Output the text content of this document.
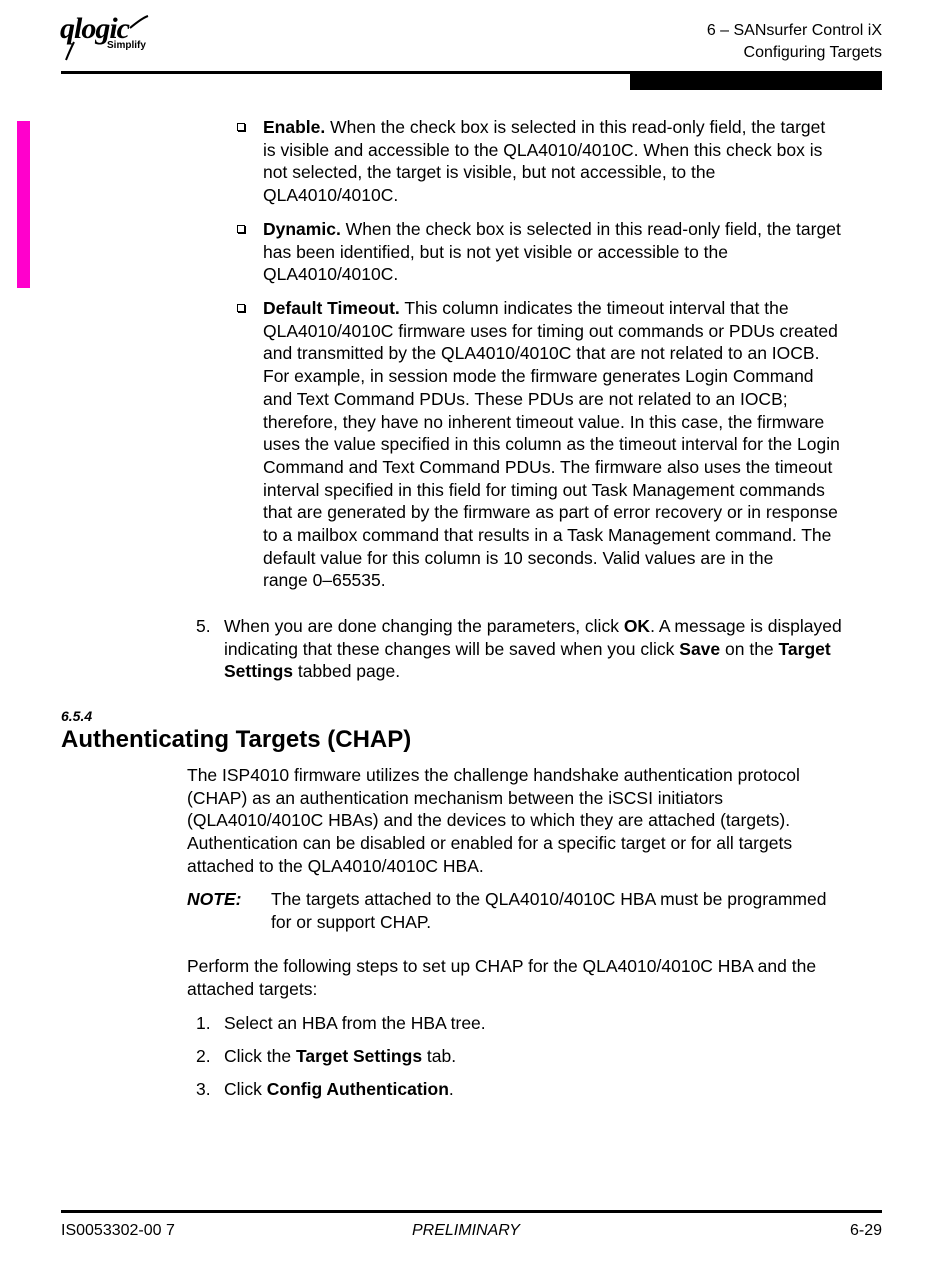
qlogic
Simplify
6 – SANsurfer Control iX
Configuring Targets
Enable. When the check box is selected in this read-only field, the target
is visible and accessible to the QLA4010/4010C. When this check box is
not selected, the target is visible, but not accessible, to the
QLA4010/4010C.
Dynamic. When the check box is selected in this read-only field, the target
has been identified, but is not yet visible or accessible to the
QLA4010/4010C.
Default Timeout. This column indicates the timeout interval that the
QLA4010/4010C firmware uses for timing out commands or PDUs created
and transmitted by the QLA4010/4010C that are not related to an IOCB.
For example, in session mode the firmware generates Login Command
and Text Command PDUs. These PDUs are not related to an IOCB;
therefore, they have no inherent timeout value. In this case, the firmware
uses the value specified in this column as the timeout interval for the Login
Command and Text Command PDUs. The firmware also uses the timeout
interval specified in this field for timing out Task Management commands
that are generated by the firmware as part of error recovery or in response
to a mailbox command that results in a Task Management command. The
default value for this column is 10 seconds. Valid values are in the
range 0–65535.
5. When you are done changing the parameters, click OK. A message is displayed
indicating that these changes will be saved when you click Save on the Target
Settings tabbed page.
6.5.4
Authenticating Targets (CHAP)
The ISP4010 firmware utilizes the challenge handshake authentication protocol
(CHAP) as an authentication mechanism between the iSCSI initiators
(QLA4010/4010C HBAs) and the devices to which they are attached (targets).
Authentication can be disabled or enabled for a specific target or for all targets
attached to the QLA4010/4010C HBA.
NOTE: The targets attached to the QLA4010/4010C HBA must be programmed
for or support CHAP.
Perform the following steps to set up CHAP for the QLA4010/4010C HBA and the
attached targets:
1. Select an HBA from the HBA tree.
2. Click the Target Settings tab.
3. Click Config Authentication.
IS0053302-00 7	PRELIMINARY	6-29
